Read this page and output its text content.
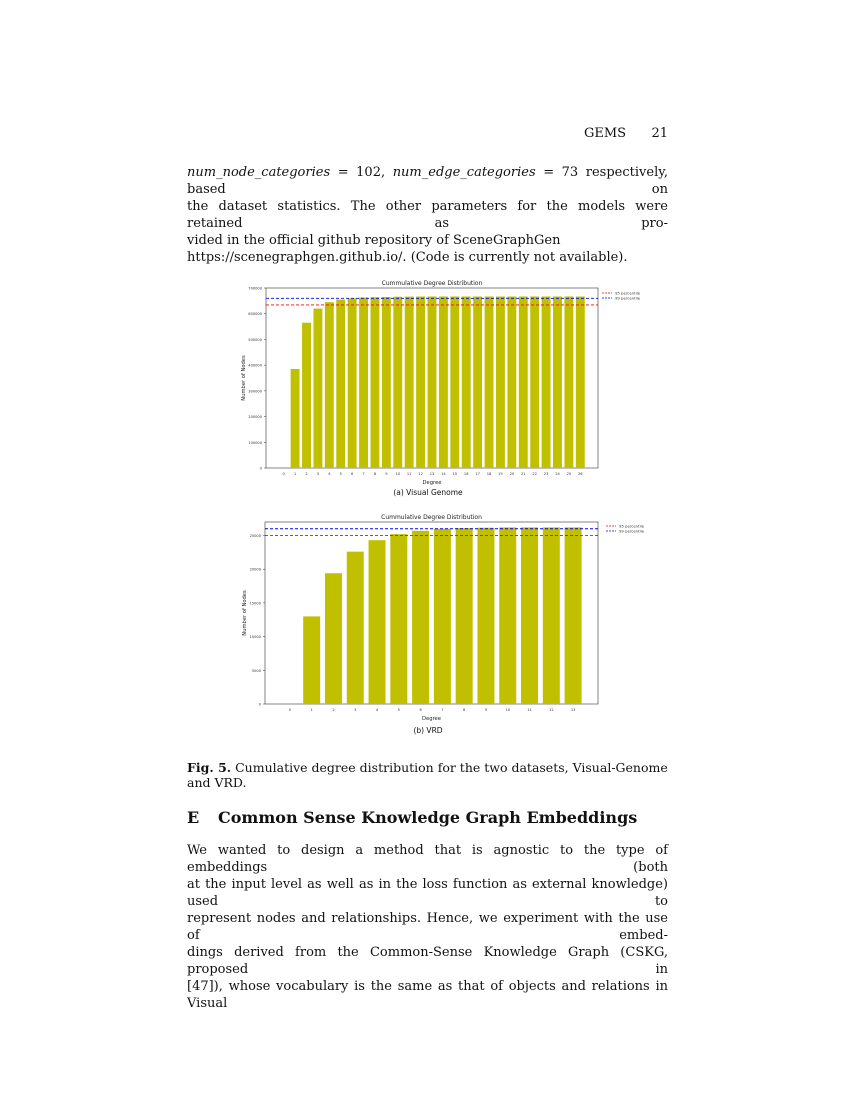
GEMS 21
num_node_categories = 102, num_edge_categories = 73 respectively, based on
the dataset statistics. The other parameters for the models were retained as pro-
vided in the official github repository of SceneGraphGen
https://scenegraphgen.github.io/. (Code is currently not available).
Cummulative Degree Distribution
0
100000
200000
300000
400000
500000
600000
700000
0	1	2	3	4	5	6	7	8	9 10 11 12 13 14 15 16 17 18 19 20 21 22 23 24 25 26
Degree
Number of Nodes
95 percentile
99 percentile
(a) Visual Genome
Cummulative Degree Distribution
0
5000
10000
15000
20000
25000
0	1	2	3	4	5	6	7	8	9	10	11	12	13
Degree
Number of Nodes
95 percentile
99 percentile
(b) VRD
Fig. 5. Cumulative degree distribution for the two datasets, Visual-Genome and VRD.
E Common Sense Knowledge Graph Embeddings
We wanted to design a method that is agnostic to the type of embeddings (both
at the input level as well as in the loss function as external knowledge) used to
represent nodes and relationships. Hence, we experiment with the use of embed-
dings derived from the Common-Sense Knowledge Graph (CSKG, proposed in
[47]), whose vocabulary is the same as that of objects and relations in Visual
